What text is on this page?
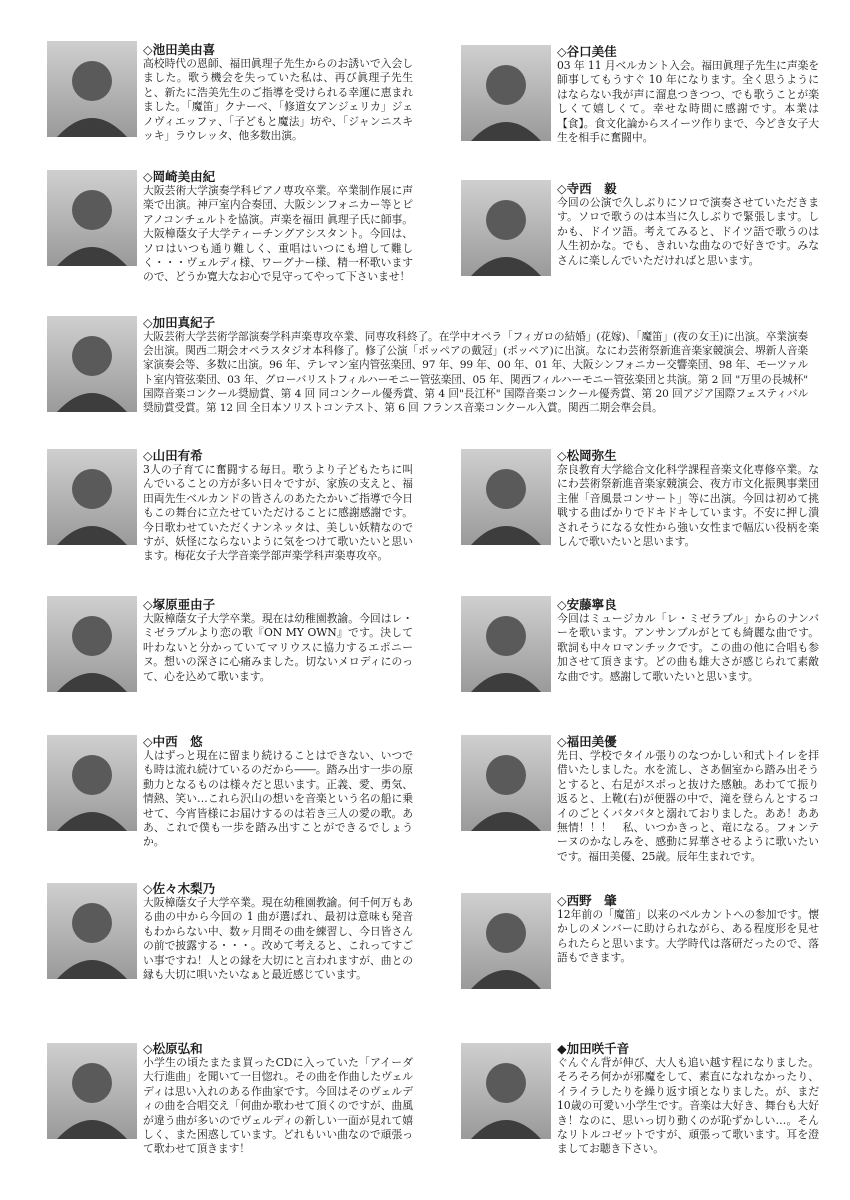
◇池田美由喜
高校時代の恩師、福田眞理子先生からのお誘いで入会しました。歌う機会を失っていた私は、再び眞理子先生と、新たに浩美先生のご指導を受けられる幸運に恵まれました。「魔笛」クナーベ、「修道女アンジェリカ」ジェノヴィエッファ、「子どもと魔法」坊や、「ジャンニスキッキ」ラウレッタ、他多数出演。
◇谷口美佳
03 年 11 月ベルカント入会。福田眞理子先生に声楽を師事してもうすぐ 10 年になります。全く思うようにはならない我が声に溜息つきつつ、でも歌うことが楽しくて嬉しくて。幸せな時間に感謝です。本業は【食】。食文化論からスイーツ作りまで、今どき女子大生を相手に奮闘中。
◇岡崎美由紀
大阪芸術大学演奏学科ピアノ専攻卒業。卒業制作展に声楽で出演。神戸室内合奏団、大阪シンフォニカー等とピアノコンチェルトを協演。声楽を福田 眞理子氏に師事。大阪樟蔭女子大学ティーチングアシスタント。今回は、ソロはいつも通り難しく、重唱はいつにも増して難しく・・・ヴェルディ様、ワーグナー様、精一杯歌いますので、どうか寛大なお心で見守ってやって下さいませ！
◇寺西　毅
今回の公演で久しぶりにソロで演奏させていただきます。ソロで歌うのは本当に久しぶりで緊張します。しかも、ドイツ語。考えてみると、ドイツ語で歌うのは人生初かな。でも、きれいな曲なので好きです。みなさんに楽しんでいただければと思います。
◇加田真紀子
大阪芸術大学芸術学部演奏学科声楽専攻卒業、同専攻科終了。在学中オペラ「フィガロの結婚」(花嫁)、「魔笛」(夜の女王)に出演。卒業演奏会出演。関西二期会オペラスタジオ本科修了。修了公演「ポッペアの戴冠」(ポッペア)に出演。なにわ芸術祭新進音楽家競演会、堺新人音楽家演奏会等、多数に出演。96 年、テレマン室内管弦楽団、97 年、99 年、00 年、01 年、大阪シンフォニカー交響楽団、98 年、モーツァルト室内管弦楽団、03 年、グローバリストフィルハーモニー管弦楽団、05 年、関西フィルハーモニー管弦楽団と共演。第 2 回 "万里の長城杯" 国際音楽コンクール奨励賞、第 4 回 同コンクール優秀賞、第 4 回"長江杯" 国際音楽コンクール優秀賞、第 20 回アジア国際フェスティバル奨励賞受賞。第 12 回 全日本ソリストコンテスト、第 6 回 フランス音楽コンクール入賞。関西二期会準会員。
◇山田有希
3人の子育てに奮闘する毎日。歌うより子どもたちに叫んでいることの方が多い日々ですが、家族の支えと、福田両先生ベルカンドの皆さんのあたたかいご指導で今日もこの舞台に立たせていただけることに感謝感謝です。今日歌わせていただくナンネッタは、美しい妖精なのですが、妖怪にならないように気をつけて歌いたいと思います。梅花女子大学音楽学部声楽学科声楽専攻卒。
◇松岡弥生
奈良教育大学総合文化科学課程音楽文化専修卒業。なにわ芸術祭新進音楽家競演会、夜方市文化振興事業団主催「音風景コンサート」等に出演。今回は初めて挑戦する曲ばかりでドキドキしています。不安に押し潰されそうになる女性から強い女性まで幅広い役柄を楽しんで歌いたいと思います。
◇塚原亜由子
大阪樟蔭女子大学卒業。現在は幼稚園教諭。今回はレ・ミゼラブルより恋の歌『ON MY OWN』です。決して叶わないと分かっていてマリウスに協力するエポニーヌ。想いの深さに心痛みました。切ないメロディにのって、心を込めて歌います。
◇安藤寧良
今回はミュージカル「レ・ミゼラブル」からのナンバーを歌います。アンサンブルがとても綺麗な曲です。歌詞も中々ロマンチックです。この曲の他に合唱も参加させて頂きます。どの曲も雄大さが感じられて素敵な曲です。感謝して歌いたいと思います。
◇中西　悠
人はずっと現在に留まり続けることはできない、いつでも時は流れ続けているのだから――。踏み出す一歩の原動力となるものは様々だと思います。正義、愛、勇気、情熱、笑い…これら沢山の想いを音楽という名の船に乗せて、今宵皆様にお届けするのは若き三人の愛の歌。ああ、これで僕も一歩を踏み出すことができるでしょうか。
◇福田美優
先日、学校でタイル張りのなつかしい和式トイレを拝借いたしました。水を流し、さあ個室から踏み出そうとすると、右足がスポっと抜けた感触。あわてて振り返ると、上靴(右)が便器の中で、滝を登らんとするコイのごとくバタバタと溺れておりました。ああ！ああ無情！！！　私、いつかきっと、竜になる。フォンテーヌのかなしみを、感動に昇華させるように歌いたいです。福田美優、25歳。辰年生まれです。
◇佐々木梨乃
大阪樟蔭女子大学卒業。現在幼稚園教諭。何千何万もある曲の中から今回の 1 曲が選ばれ、最初は意味も発音もわからない中、数ヶ月間その曲を練習し、今日皆さんの前で披露する・・・。改めて考えると、これってすごい事ですね！人との縁を大切にと言われますが、曲との縁も大切に唄いたいなぁと最近感じています。
◇西野　肇
12年前の「魔笛」以来のベルカントへの参加です。懐かしのメンバーに助けられながら、ある程度形を見せられたらと思います。大学時代は落研だったので、落語もできます。
◇松原弘和
小学生の頃たまたま買ったCDに入っていた「アイーダ大行進曲」を聞いて一目惚れ。その曲を作曲したヴェルディは思い入れのある作曲家です。今回はそのヴェルディの曲を合唱交え「何曲か歌わせて頂くのですが、曲風が違う曲が多いのでヴェルディの新しい一面が見れて嬉しく、また困惑しています。どれもいい曲なので頑張って歌わせて頂きます！
◆加田咲千音
ぐんぐん背が伸び、大人も追い越す程になりました。そろそろ何かが邪魔をして、素直になれなかったり、イライラしたりを繰り返す頃となりました。が、まだ 10歳の可愛い小学生です。音楽は大好き、舞台も大好き！なのに、思いっ切り動くのが恥ずかしい…。そんなリトルコゼットですが、頑張って歌います。耳を澄ましてお聴き下さい。
